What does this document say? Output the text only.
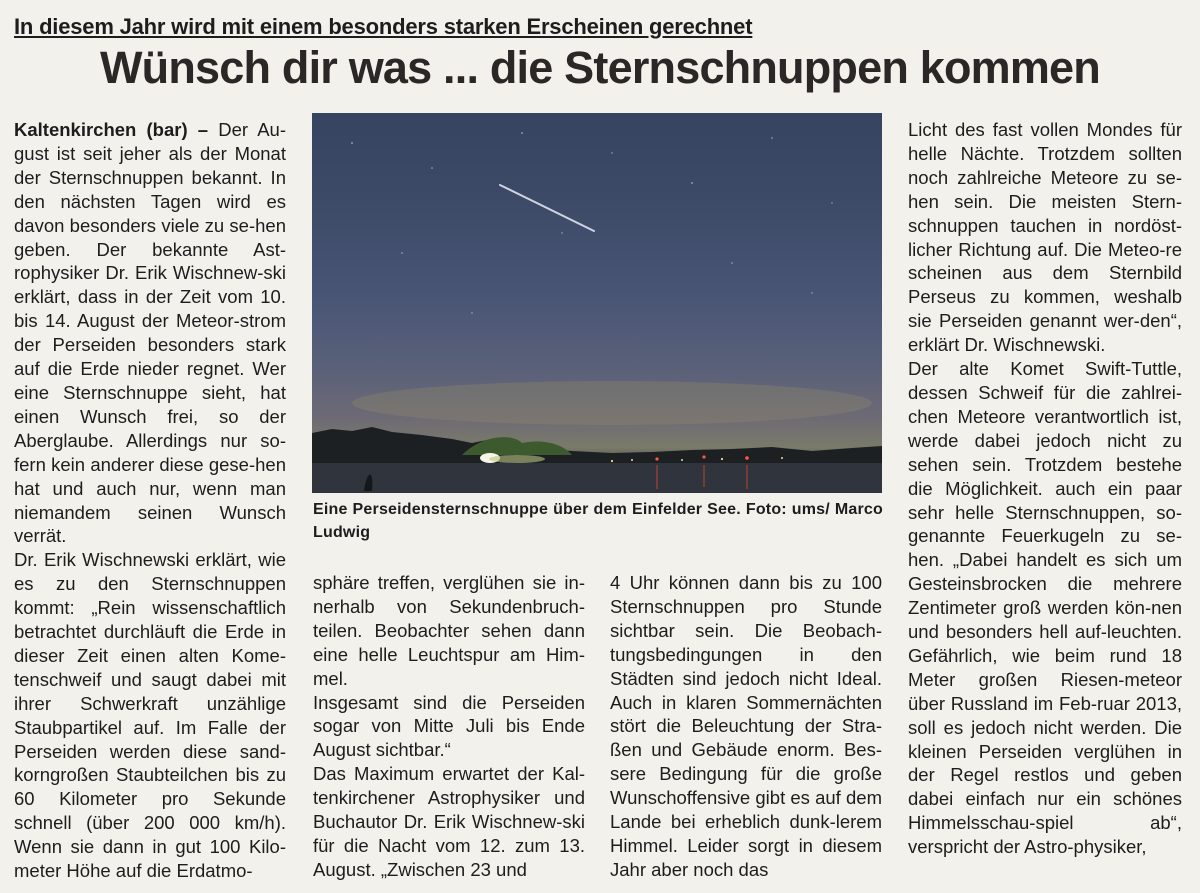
In diesem Jahr wird mit einem besonders starken Erscheinen gerechnet
Wünsch dir was ... die Sternschnuppen kommen

Kaltenkirchen (bar) – Der Au-gust ist seit jeher als der Monat der Sternschnuppen bekannt. In den nächsten Tagen wird es davon besonders viele zu se-hen geben. Der bekannte Ast-rophysiker Dr. Erik Wischnew-ski erklärt, dass in der Zeit vom 10. bis 14. August der Meteor-strom der Perseiden besonders stark auf die Erde nieder regnet. Wer eine Sternschnuppe sieht, hat einen Wunsch frei, so der Aberglaube. Allerdings nur so-fern kein anderer diese gese-hen hat und auch nur, wenn man niemandem seinen Wunsch verrät.

Dr. Erik Wischnewski erklärt, wie es zu den Sternschnuppen kommt: „Rein wissenschaftlich betrachtet durchläuft die Erde in dieser Zeit einen alten Kome-tenschweif und saugt dabei mit ihrer Schwerkraft unzählige Staubpartikel auf. Im Falle der Perseiden werden diese sand-korngroßen Staubteilchen bis zu 60 Kilometer pro Sekunde schnell (über 200 000 km/h). Wenn sie dann in gut 100 Kilo-meter Höhe auf die Erdatmo-

Eine Perseidensternschnuppe über dem Einfelder See. Foto: ums/ Marco Ludwig

sphäre treffen, verglühen sie in-nerhalb von Sekundenbruch-teilen. Beobachter sehen dann eine helle Leuchtspur am Him-mel.

Insgesamt sind die Perseiden sogar von Mitte Juli bis Ende August sichtbar.“

Das Maximum erwartet der Kal-tenkirchener Astrophysiker und Buchautor Dr. Erik Wischnew-ski für die Nacht vom 12. zum 13. August. „Zwischen 23 und

4 Uhr können dann bis zu 100 Sternschnuppen pro Stunde sichtbar sein. Die Beobach-tungsbedingungen in den Städten sind jedoch nicht Ideal. Auch in klaren Sommernächten stört die Beleuchtung der Stra-ßen und Gebäude enorm. Bes-sere Bedingung für die große Wunschoffensive gibt es auf dem Lande bei erheblich dunk-lerem Himmel. Leider sorgt in diesem Jahr aber noch das

Licht des fast vollen Mondes für helle Nächte. Trotzdem sollten noch zahlreiche Meteore zu se-hen sein. Die meisten Stern-schnuppen tauchen in nordöst-licher Richtung auf. Die Meteo-re scheinen aus dem Sternbild Perseus zu kommen, weshalb sie Perseiden genannt wer-den“, erklärt Dr. Wischnewski.

Der alte Komet Swift-Tuttle, dessen Schweif für die zahlrei-chen Meteore verantwortlich ist, werde dabei jedoch nicht zu sehen sein. Trotzdem bestehe die Möglichkeit. auch ein paar sehr helle Sternschnuppen, so-genannte Feuerkugeln zu se-hen. „Dabei handelt es sich um Gesteinsbrocken die mehrere Zentimeter groß werden kön-nen und besonders hell auf-leuchten. Gefährlich, wie beim rund 18 Meter großen Riesen-meteor über Russland im Feb-ruar 2013, soll es jedoch nicht werden. Die kleinen Perseiden verglühen in der Regel restlos und geben dabei einfach nur ein schönes Himmelsschau-spiel ab“, verspricht der Astro-physiker,
